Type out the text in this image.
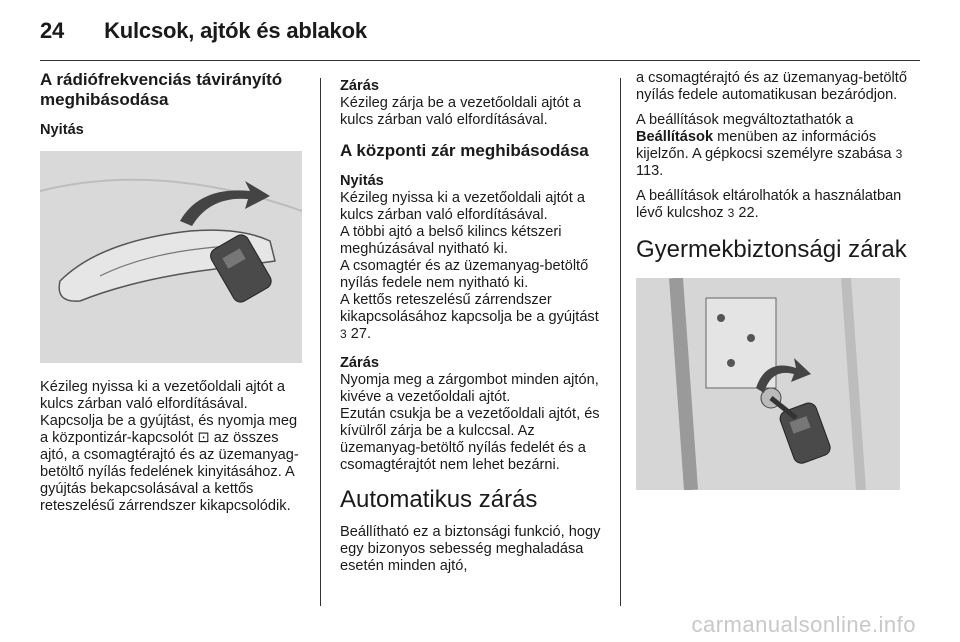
24 Kulcsok, ajtók és ablakok
A rádiófrekvenciás távirányító meghibásodása
Nyitás

Kézileg nyissa ki a vezetőoldali ajtót a kulcs zárban való elfordításával.

Kapcsolja be a gyújtást, és nyomja meg a központizár-kapcsolót ⊡ az összes ajtó, a csomagtérajtó és az üzemanyag-betöltő nyílás fedelének kinyitásához. A gyújtás bekapcsolásával a kettős reteszelésű zárrendszer kikapcsolódik.

Zárás

Kézileg zárja be a vezetőoldali ajtót a kulcs zárban való elfordításával.

A központi zár meghibásodása
Nyitás

Kézileg nyissa ki a vezetőoldali ajtót a kulcs zárban való elfordításával.

A többi ajtó a belső kilincs kétszeri meghúzásával nyitható ki.

A csomagtér és az üzemanyag-betöltő nyílás fedele nem nyitható ki.

A kettős reteszelésű zárrendszer kikapcsolásához kapcsolja be a gyújtást 3 27.

Zárás

Nyomja meg a zárgombot minden ajtón, kivéve a vezetőoldali ajtót.

Ezután csukja be a vezetőoldali ajtót, és kívülről zárja be a kulccsal. Az üzemanyag-betöltő nyílás fedelét és a csomagtérajtót nem lehet bezárni.

Automatikus zárás

Beállítható ez a biztonsági funkció, hogy egy bizonyos sebesség meghaladása esetén minden ajtó,

a csomagtérajtó és az üzemanyag-betöltő nyílás fedele automatikusan bezáródjon.

A beállítások megváltoztathatók a Beállítások menüben az információs kijelzőn. A gépkocsi személyre szabása 3 113.

A beállítások eltárolhatók a használatban lévő kulcshoz 3 22.

Gyermekbiztonsági zárak
carmanualsonline.info
